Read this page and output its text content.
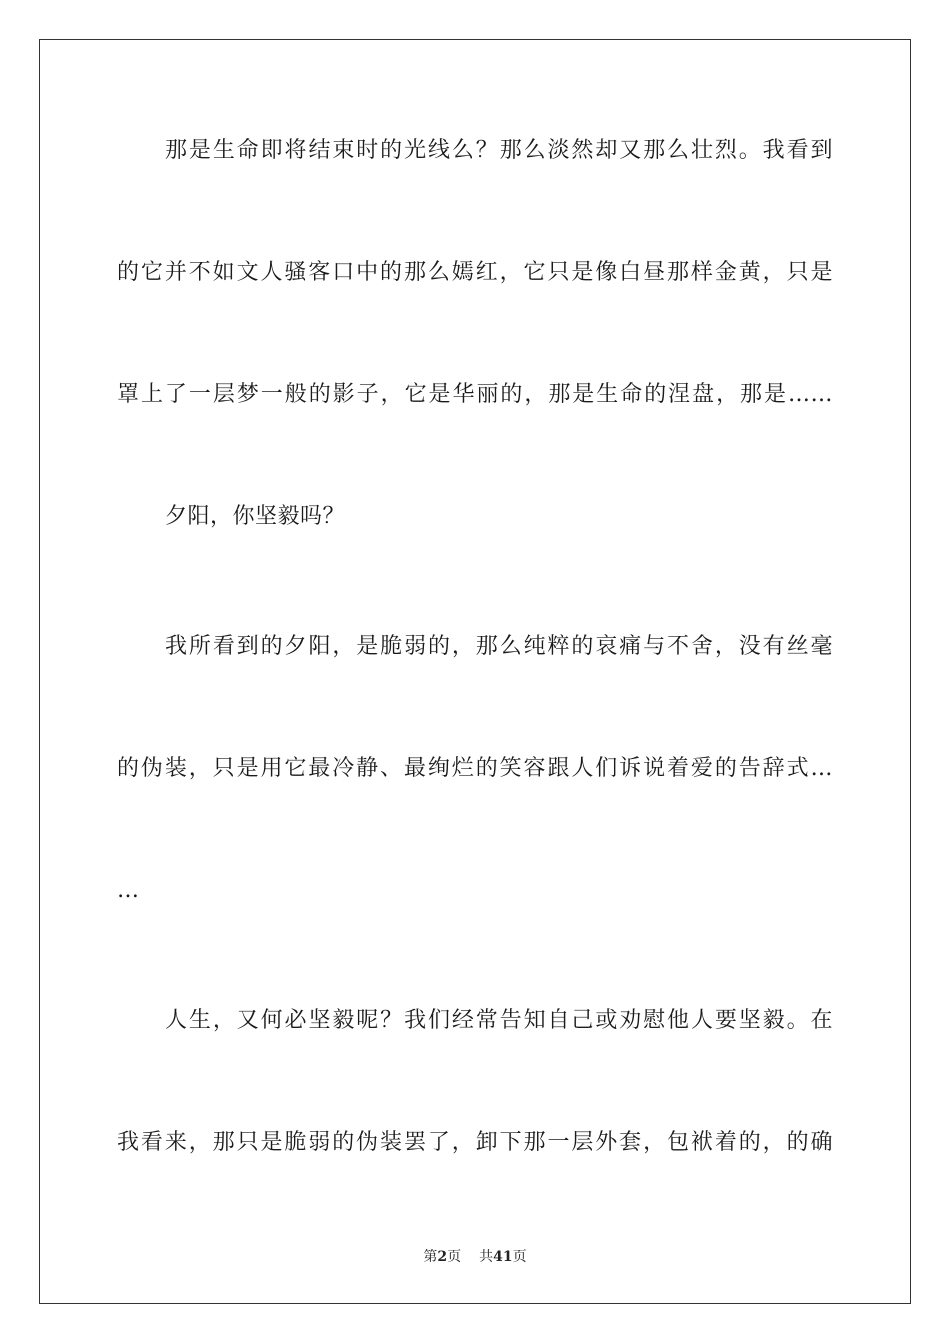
那是生命即将结束时的光线么？那么淡然却又那么壮烈。我看到
的它并不如文人骚客口中的那么嫣红，它只是像白昼那样金黄，只是
罩上了一层梦一般的影子，它是华丽的，那是生命的涅盘，那是……
夕阳，你坚毅吗？
我所看到的夕阳，是脆弱的，那么纯粹的哀痛与不舍，没有丝毫
的伪装，只是用它最冷静、最绚烂的笑容跟人们诉说着爱的告辞式…
…
人生，又何必坚毅呢？我们经常告知自己或劝慰他人要坚毅。在
我看来，那只是脆弱的伪装罢了，卸下那一层外套，包袱着的，的确
第2页 共41页
